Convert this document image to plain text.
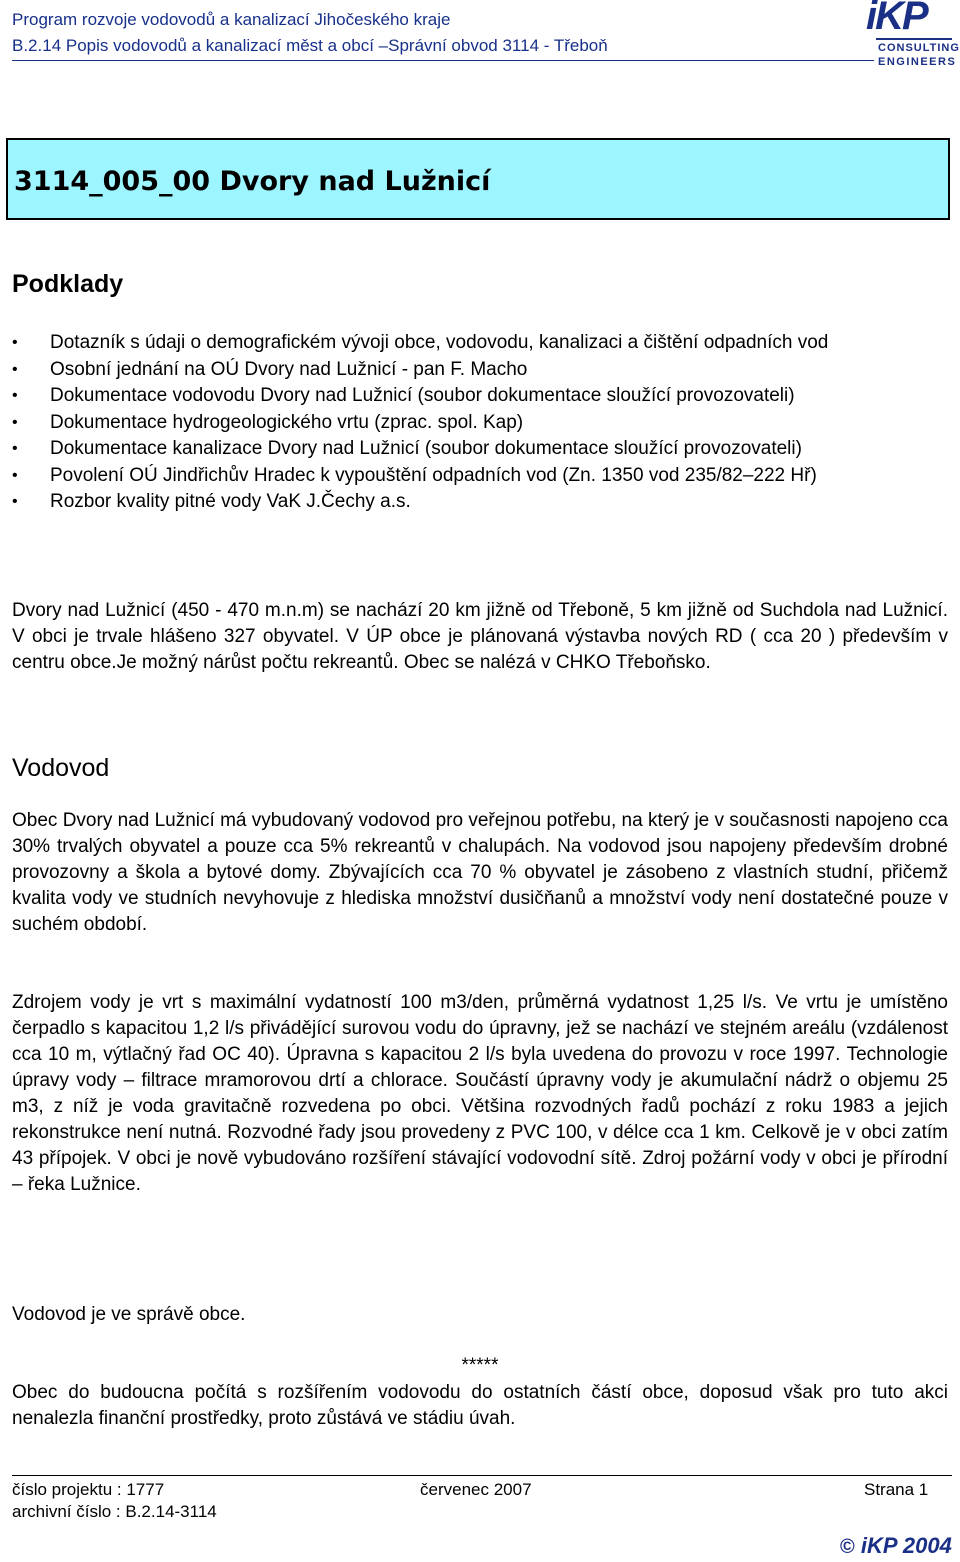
Program rozvoje vodovodů a kanalizací Jihočeského kraje
B.2.14 Popis vodovodů a kanalizací měst a obcí –Správní obvod 3114 - Třeboň
iKP
CONSULTING
ENGINEERS
3114_005_00 Dvory nad Lužnicí
Podklady
• Dotazník s údaji o demografickém vývoji obce, vodovodu, kanalizaci a čištění odpadních vod
• Osobní jednání na OÚ Dvory nad Lužnicí - pan F. Macho
• Dokumentace vodovodu Dvory nad Lužnicí (soubor dokumentace sloužící provozovateli)
• Dokumentace hydrogeologického vrtu (zprac. spol. Kap)
• Dokumentace kanalizace Dvory nad Lužnicí (soubor dokumentace sloužící provozovateli)
• Povolení OÚ Jindřichův Hradec k vypouštění odpadních vod (Zn. 1350 vod 235/82–222 Hř)
• Rozbor kvality pitné vody VaK J.Čechy a.s.

Dvory nad Lužnicí (450 - 470 m.n.m) se nachází 20 km jižně od Třeboně, 5 km jižně od Suchdola nad Lužnicí. V obci je trvale hlášeno 327 obyvatel. V ÚP obce je plánovaná výstavba nových RD ( cca 20 ) především v centru obce.Je možný nárůst počtu rekreantů. Obec se nalézá v CHKO Třeboňsko.

Vodovod

Obec Dvory nad Lužnicí má vybudovaný vodovod pro veřejnou potřebu, na který je v současnosti napojeno cca 30% trvalých obyvatel a pouze cca 5% rekreantů v chalupách. Na vodovod jsou napojeny především drobné provozovny a škola a bytové domy. Zbývajících cca 70 % obyvatel je zásobeno z vlastních studní, přičemž kvalita vody ve studních nevyhovuje z hlediska množství dusičňanů a množství vody není dostatečné pouze v suchém období.

Zdrojem vody je vrt s maximální vydatností 100 m3/den, průměrná vydatnost 1,25 l/s. Ve vrtu je umístěno čerpadlo s kapacitou 1,2 l/s přivádějící surovou vodu do úpravny, jež se nachází ve stejném areálu (vzdálenost cca 10 m, výtlačný řad OC 40). Úpravna s kapacitou 2 l/s byla uvedena do provozu v roce 1997. Technologie úpravy vody – filtrace mramorovou drtí a chlorace. Součástí úpravny vody je akumulační nádrž o objemu 25 m3, z níž je voda gravitačně rozvedena po obci. Většina rozvodných řadů pochází z roku 1983 a jejich rekonstrukce není nutná. Rozvodné řady jsou provedeny z PVC 100, v délce cca 1 km. Celkově je v obci zatím 43 přípojek. V obci je nově vybudováno rozšíření stávající vodovodní sítě. Zdroj požární vody v obci je přírodní – řeka Lužnice.

Vodovod je ve správě obce.

*****

Obec do budoucna počítá s rozšířením vodovodu do ostatních částí obce, doposud však pro tuto akci nenalezla finanční prostředky, proto zůstává ve stádiu úvah.

číslo projektu : 1777
archivní číslo : B.2.14-3114
červenec 2007	Strana 1
© iKP 2004
